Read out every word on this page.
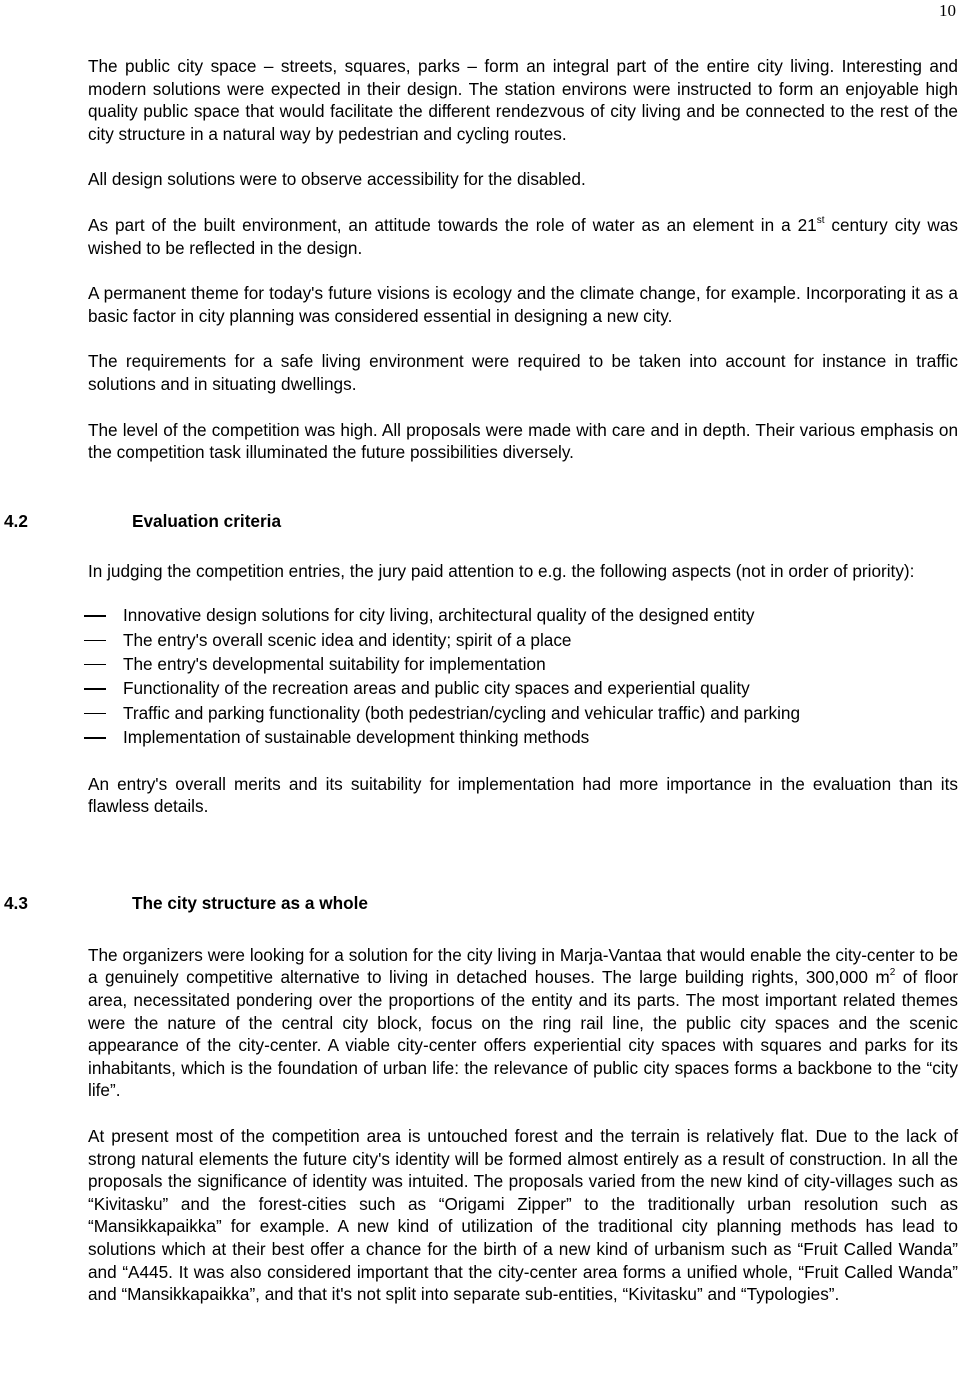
10

The public city space – streets, squares, parks – form an integral part of the entire city living. Interesting and modern solutions were expected in their design. The station environs were instructed to form an enjoyable high quality public space that would facilitate the different rendezvous of city living and be connected to the rest of the city structure in a natural way by pedestrian and cycling routes.

All design solutions were to observe accessibility for the disabled.

As part of the built environment, an attitude towards the role of water as an element in a 21st century city was wished to be reflected in the design.

A permanent theme for today's future visions is ecology and the climate change, for example. Incorporating it as a basic factor in city planning was considered essential in designing a new city.

The requirements for a safe living environment were required to be taken into account for instance in traffic solutions and in situating dwellings.

The level of the competition was high. All proposals were made with care and in depth. Their various emphasis on the competition task illuminated the future possibilities diversely.

4.2	Evaluation criteria

In judging the competition entries, the jury paid attention to e.g. the following aspects (not in order of priority):

Innovative design solutions for city living, architectural quality of the designed entity
The entry's overall scenic idea and identity; spirit of a place
The entry's developmental suitability for implementation
Functionality of the recreation areas and public city spaces and experiential quality
Traffic and parking functionality (both pedestrian/cycling and vehicular traffic) and parking
Implementation of sustainable development thinking methods

An entry's overall merits and its suitability for implementation had more importance in the evaluation than its flawless details.

4.3	The city structure as a whole

The organizers were looking for a solution for the city living in Marja-Vantaa that would enable the city-center to be a genuinely competitive alternative to living in detached houses. The large building rights, 300,000 $m^2$ of floor area, necessitated pondering over the proportions of the entity and its parts. The most important related themes were the nature of the central city block, focus on the ring rail line, the public city spaces and the scenic appearance of the city-center. A viable city-center offers experiential city spaces with squares and parks for its inhabitants, which is the foundation of urban life: the relevance of public city spaces forms a backbone to the “city life”.

At present most of the competition area is untouched forest and the terrain is relatively flat. Due to the lack of strong natural elements the future city's identity will be formed almost entirely as a result of construction. In all the proposals the significance of identity was intuited. The proposals varied from the new kind of city-villages such as “Kivitasku” and the forest-cities such as “Origami Zipper” to the traditionally urban resolution such as “Mansikkapaikka” for example. A new kind of utilization of the traditional city planning methods has lead to solutions which at their best offer a chance for the birth of a new kind of urbanism such as “Fruit Called Wanda” and “A445. It was also considered important that the city-center area forms a unified whole, “Fruit Called Wanda” and “Mansikkapaikka”, and that it's not split into separate sub-entities, “Kivitasku” and “Typologies”.
